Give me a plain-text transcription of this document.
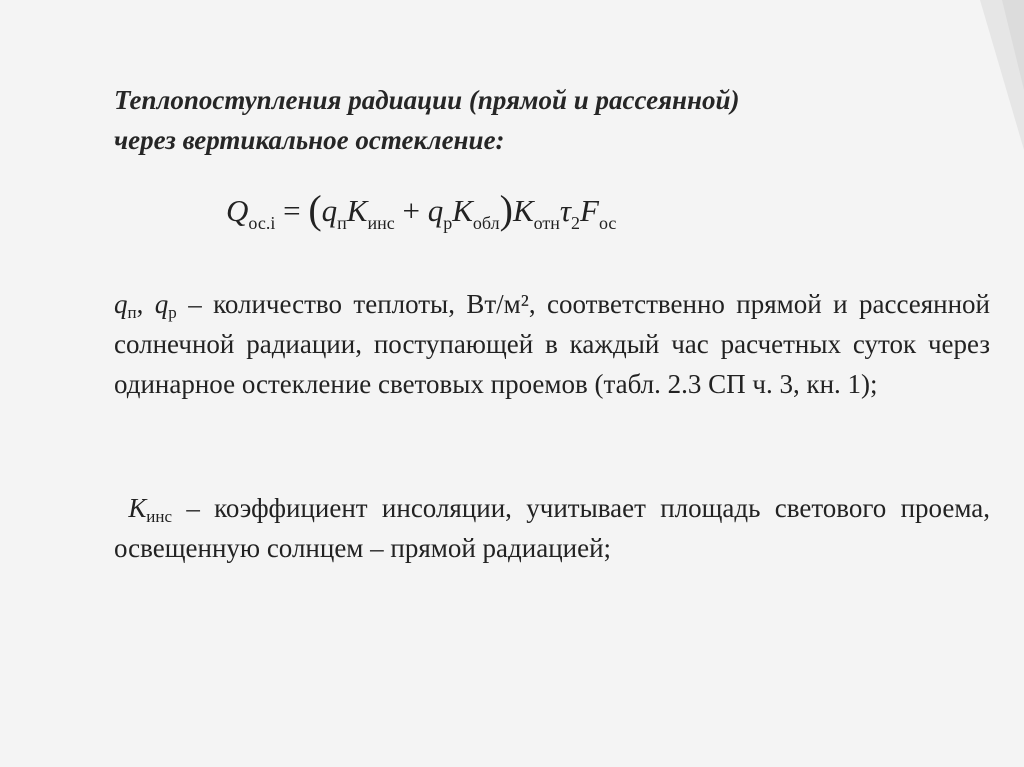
Теплопоступления радиации (прямой и рассеянной)
через вертикальное остекление:
$Q_{ос.i} = (q_пK_{инс} + q_рK_{обл})K_{отн}\tau_2F_{ос}$

$q_п$, $q_р$ – количество теплоты, Вт/м², соответственно прямой и рассеянной солнечной радиации, поступающей в каждый час расчетных суток через одинарное остекление световых проемов (табл. 2.3 СП ч. 3, кн. 1);

$К_{инс}$ – коэффициент инсоляции, учитывает площадь светового проема, освещенную солнцем – прямой радиацией;
